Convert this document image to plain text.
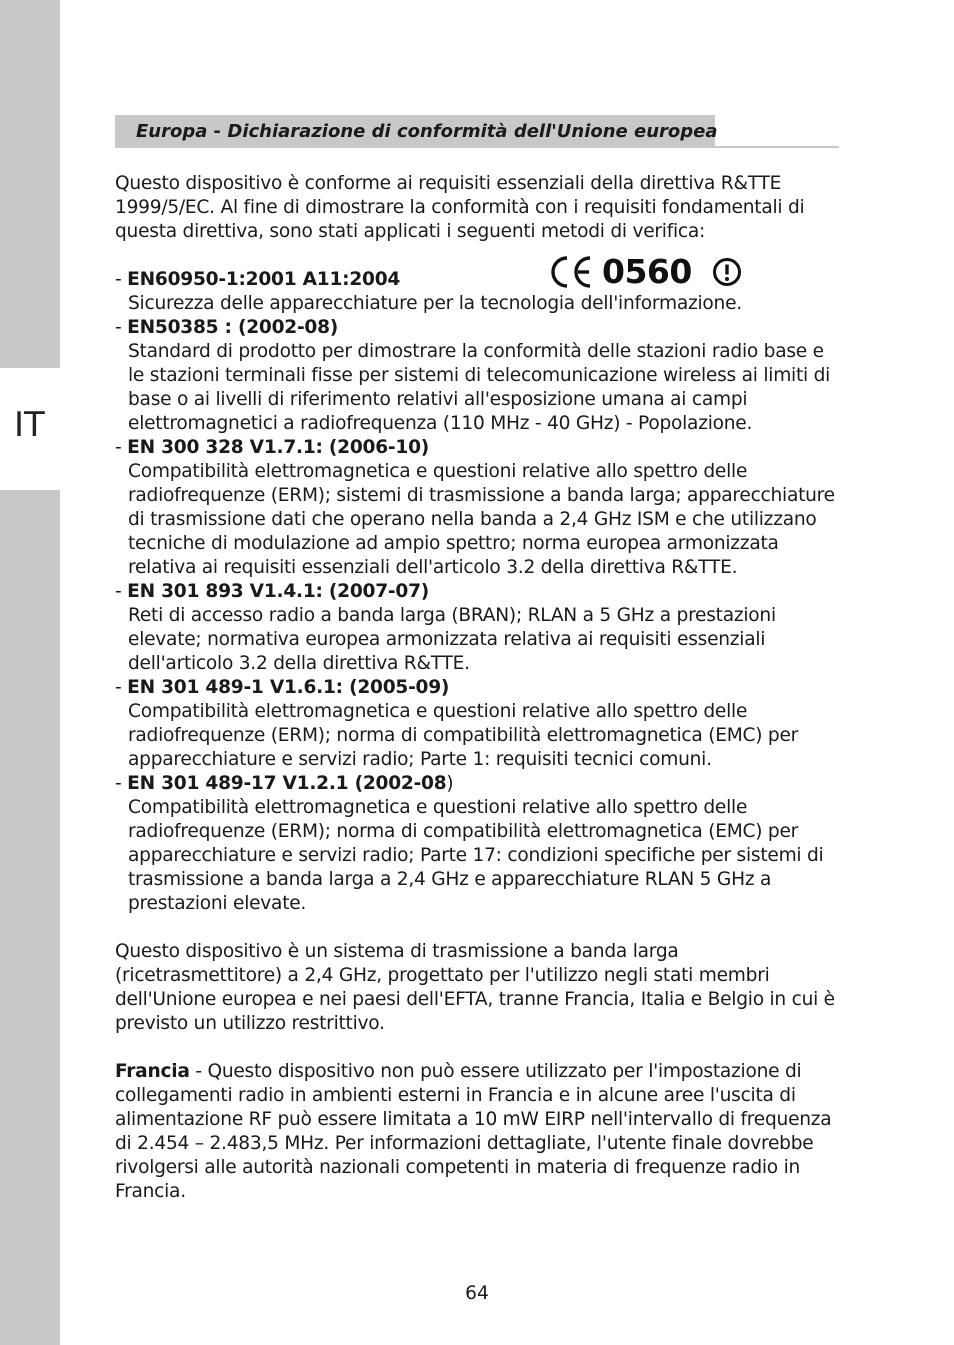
IT
Europa - Dichiarazione di conformità dell'Unione europea
0560

Questo dispositivo è conforme ai requisiti essenziali della direttiva R&TTE 1999/5/EC. Al fine di dimostrare la conformità con i requisiti fondamentali di questa direttiva, sono stati applicati i seguenti metodi di verifica:

- EN60950-1:2001 A11:2004
Sicurezza delle apparecchiature per la tecnologia dell'informazione.
- EN50385 : (2002-08)
Standard di prodotto per dimostrare la conformità delle stazioni radio base e le stazioni terminali fisse per sistemi di telecomunicazione wireless ai limiti di base o ai livelli di riferimento relativi all'esposizione umana ai campi elettromagnetici a radiofrequenza (110 MHz - 40 GHz) - Popolazione.
- EN 300 328 V1.7.1: (2006-10)
Compatibilità elettromagnetica e questioni relative allo spettro delle radiofrequenze (ERM); sistemi di trasmissione a banda larga; apparecchiature di trasmissione dati che operano nella banda a 2,4 GHz ISM e che utilizzano tecniche di modulazione ad ampio spettro; norma europea armonizzata relativa ai requisiti essenziali dell'articolo 3.2 della direttiva R&TTE.
- EN 301 893 V1.4.1: (2007-07)
Reti di accesso radio a banda larga (BRAN); RLAN a 5 GHz a prestazioni elevate; normativa europea armonizzata relativa ai requisiti essenziali dell'articolo 3.2 della direttiva R&TTE.
- EN 301 489-1 V1.6.1: (2005-09)
Compatibilità elettromagnetica e questioni relative allo spettro delle radiofrequenze (ERM); norma di compatibilità elettromagnetica (EMC) per apparecchiature e servizi radio; Parte 1: requisiti tecnici comuni.
- EN 301 489-17 V1.2.1 (2002-08)
Compatibilità elettromagnetica e questioni relative allo spettro delle radiofrequenze (ERM); norma di compatibilità elettromagnetica (EMC) per apparecchiature e servizi radio; Parte 17: condizioni specifiche per sistemi di trasmissione a banda larga a 2,4 GHz e apparecchiature RLAN 5 GHz a prestazioni elevate.

Questo dispositivo è un sistema di trasmissione a banda larga (ricetrasmettitore) a 2,4 GHz, progettato per l'utilizzo negli stati membri dell'Unione europea e nei paesi dell'EFTA, tranne Francia, Italia e Belgio in cui è previsto un utilizzo restrittivo.

Francia - Questo dispositivo non può essere utilizzato per l'impostazione di collegamenti radio in ambienti esterni in Francia e in alcune aree l'uscita di alimentazione RF può essere limitata a 10 mW EIRP nell'intervallo di frequenza di 2.454 – 2.483,5 MHz. Per informazioni dettagliate, l'utente finale dovrebbe rivolgersi alle autorità nazionali competenti in materia di frequenze radio in Francia.

64
